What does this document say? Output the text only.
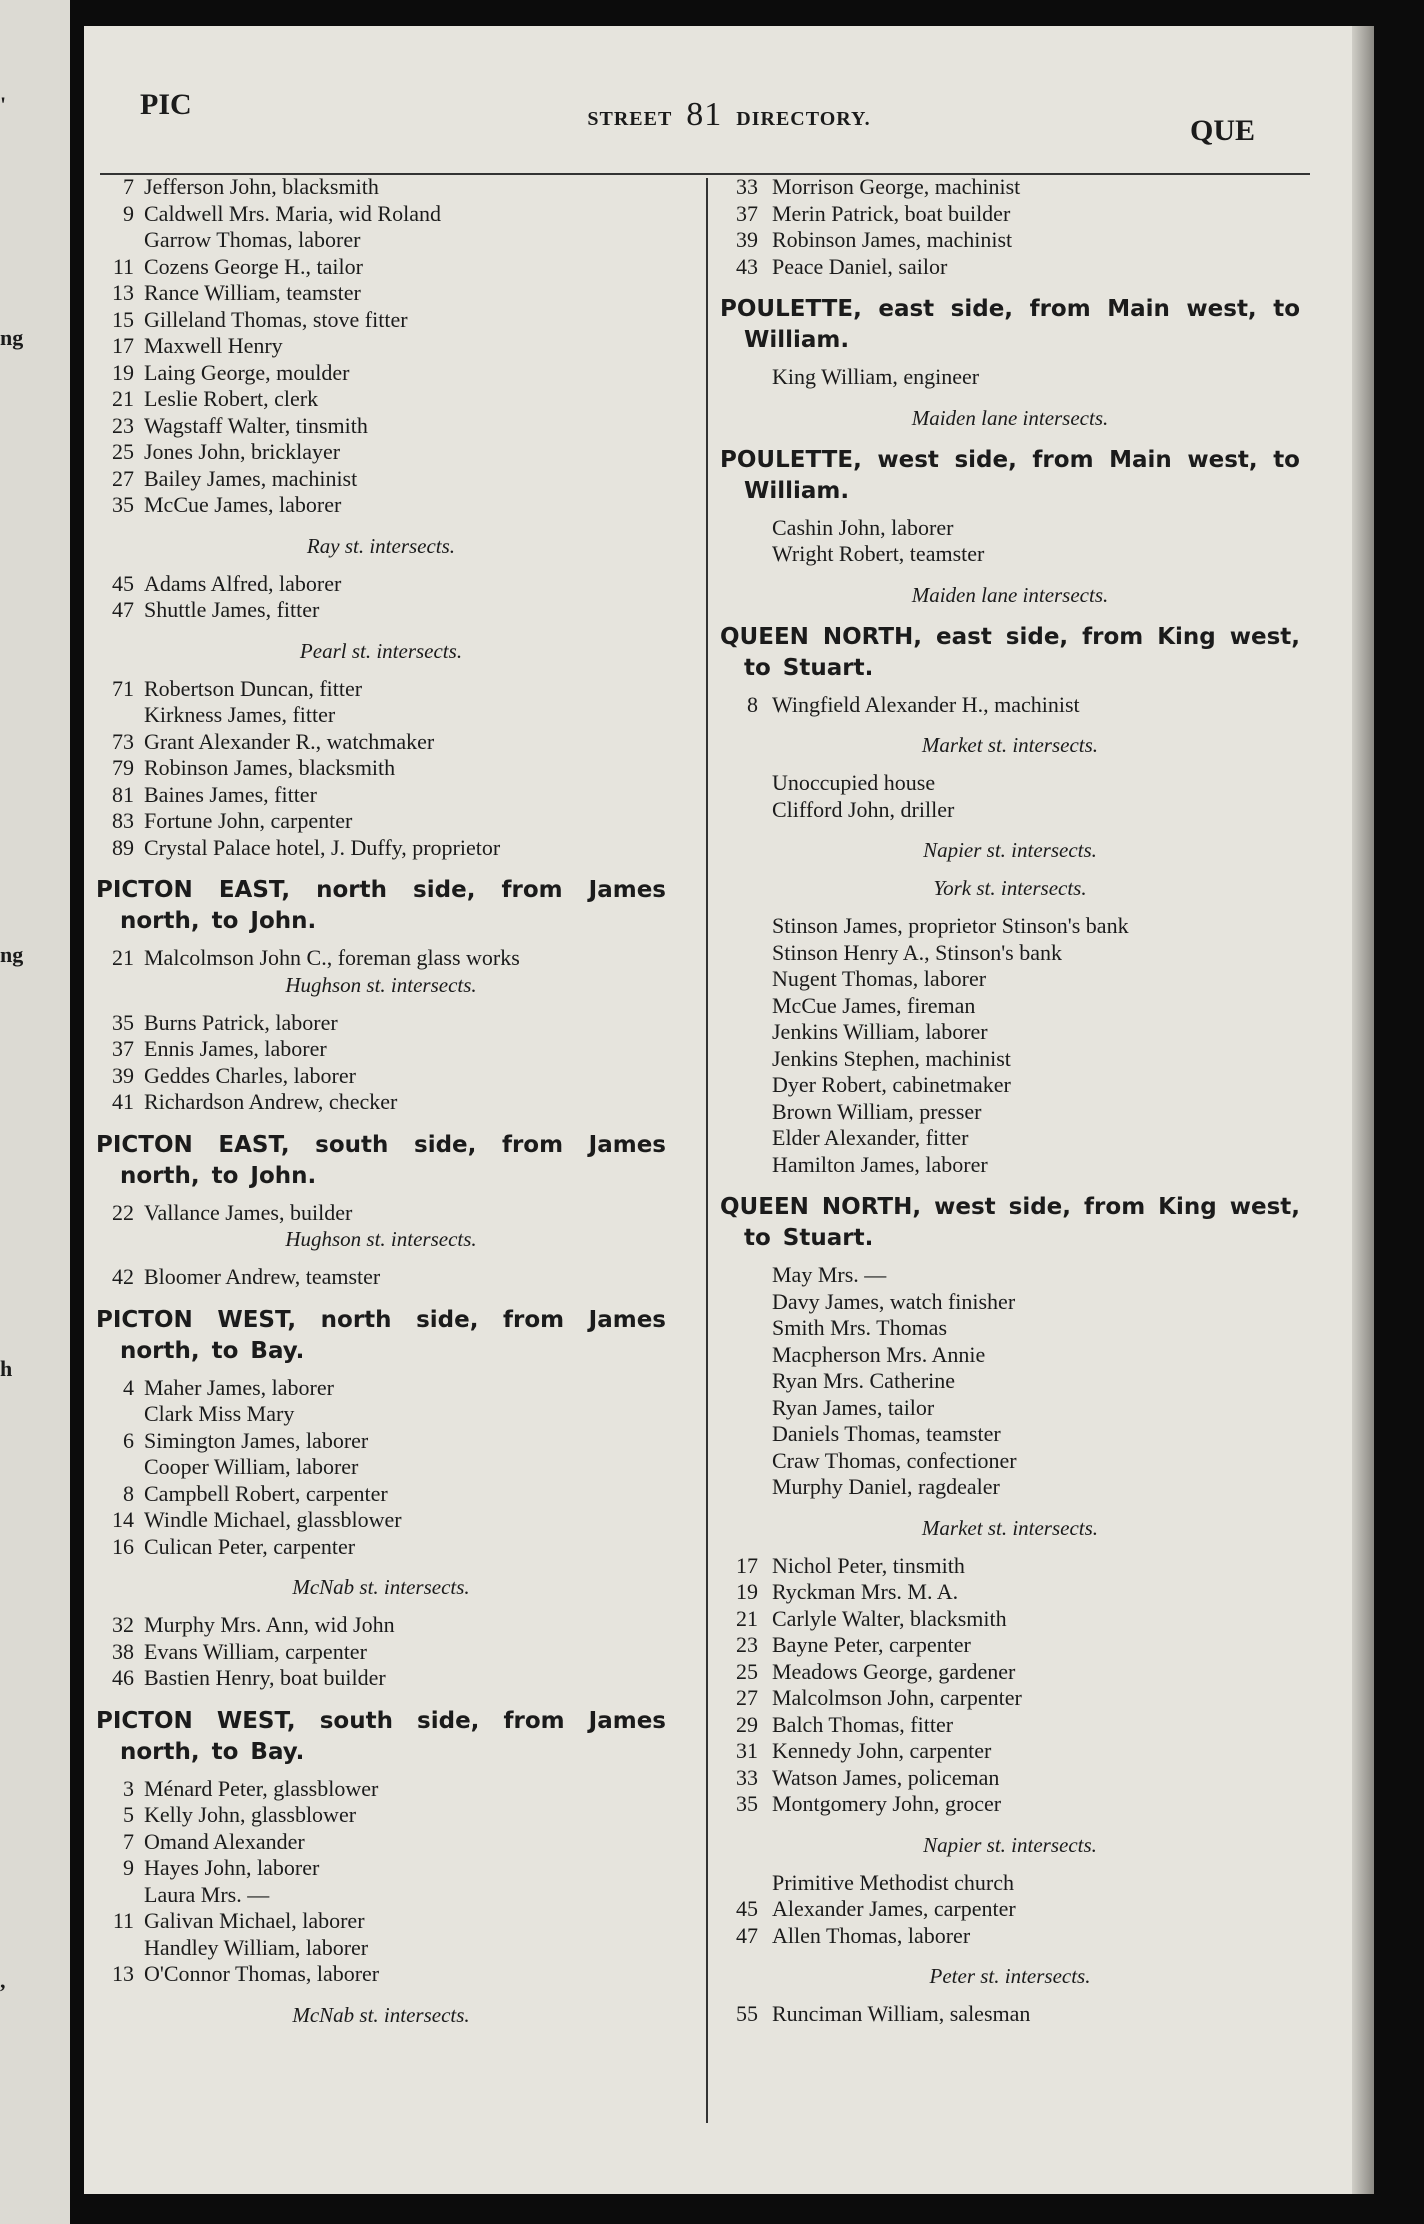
'
ng
ng
h
,
PIC	STREET 81 DIRECTORY.	QUE
7 Jefferson John, blacksmith
9 Caldwell Mrs. Maria, wid Roland
Garrow Thomas, laborer
11 Cozens George H., tailor
13 Rance William, teamster
15 Gilleland Thomas, stove fitter
17 Maxwell Henry
19 Laing George, moulder
21 Leslie Robert, clerk
23 Wagstaff Walter, tinsmith
25 Jones John, bricklayer
27 Bailey James, machinist
35 McCue James, laborer
Ray st. intersects.
45 Adams Alfred, laborer
47 Shuttle James, fitter
Pearl st. intersects.
71 Robertson Duncan, fitter
Kirkness James, fitter
73 Grant Alexander R., watchmaker
79 Robinson James, blacksmith
81 Baines James, fitter
83 Fortune John, carpenter
89 Crystal Palace hotel, J. Duffy, proprietor
PICTON EAST, north side, from James north, to John.
21 Malcolmson John C., foreman glass works
Hughson st. intersects.
35 Burns Patrick, laborer
37 Ennis James, laborer
39 Geddes Charles, laborer
41 Richardson Andrew, checker
PICTON EAST, south side, from James north, to John.
22 Vallance James, builder
Hughson st. intersects.
42 Bloomer Andrew, teamster
PICTON WEST, north side, from James north, to Bay.
4 Maher James, laborer
Clark Miss Mary
6 Simington James, laborer
Cooper William, laborer
8 Campbell Robert, carpenter
14 Windle Michael, glassblower
16 Culican Peter, carpenter
McNab st. intersects.
32 Murphy Mrs. Ann, wid John
38 Evans William, carpenter
46 Bastien Henry, boat builder
PICTON WEST, south side, from James north, to Bay.
3 Ménard Peter, glassblower
5 Kelly John, glassblower
7 Omand Alexander
9 Hayes John, laborer
Laura Mrs. —
11 Galivan Michael, laborer
Handley William, laborer
13 O'Connor Thomas, laborer
McNab st. intersects.
33 Morrison George, machinist
37 Merin Patrick, boat builder
39 Robinson James, machinist
43 Peace Daniel, sailor
POULETTE, east side, from Main west, to William.
King William, engineer
Maiden lane intersects.
POULETTE, west side, from Main west, to William.
Cashin John, laborer
Wright Robert, teamster
Maiden lane intersects.
QUEEN NORTH, east side, from King west, to Stuart.
8 Wingfield Alexander H., machinist
Market st. intersects.
Unoccupied house
Clifford John, driller
Napier st. intersects.
York st. intersects.
Stinson James, proprietor Stinson's bank
Stinson Henry A., Stinson's bank
Nugent Thomas, laborer
McCue James, fireman
Jenkins William, laborer
Jenkins Stephen, machinist
Dyer Robert, cabinetmaker
Brown William, presser
Elder Alexander, fitter
Hamilton James, laborer
QUEEN NORTH, west side, from King west, to Stuart.
May Mrs. —
Davy James, watch finisher
Smith Mrs. Thomas
Macpherson Mrs. Annie
Ryan Mrs. Catherine
Ryan James, tailor
Daniels Thomas, teamster
Craw Thomas, confectioner
Murphy Daniel, ragdealer
Market st. intersects.
17 Nichol Peter, tinsmith
19 Ryckman Mrs. M. A.
21 Carlyle Walter, blacksmith
23 Bayne Peter, carpenter
25 Meadows George, gardener
27 Malcolmson John, carpenter
29 Balch Thomas, fitter
31 Kennedy John, carpenter
33 Watson James, policeman
35 Montgomery John, grocer
Napier st. intersects.
Primitive Methodist church
45 Alexander James, carpenter
47 Allen Thomas, laborer
Peter st. intersects.
55 Runciman William, salesman
